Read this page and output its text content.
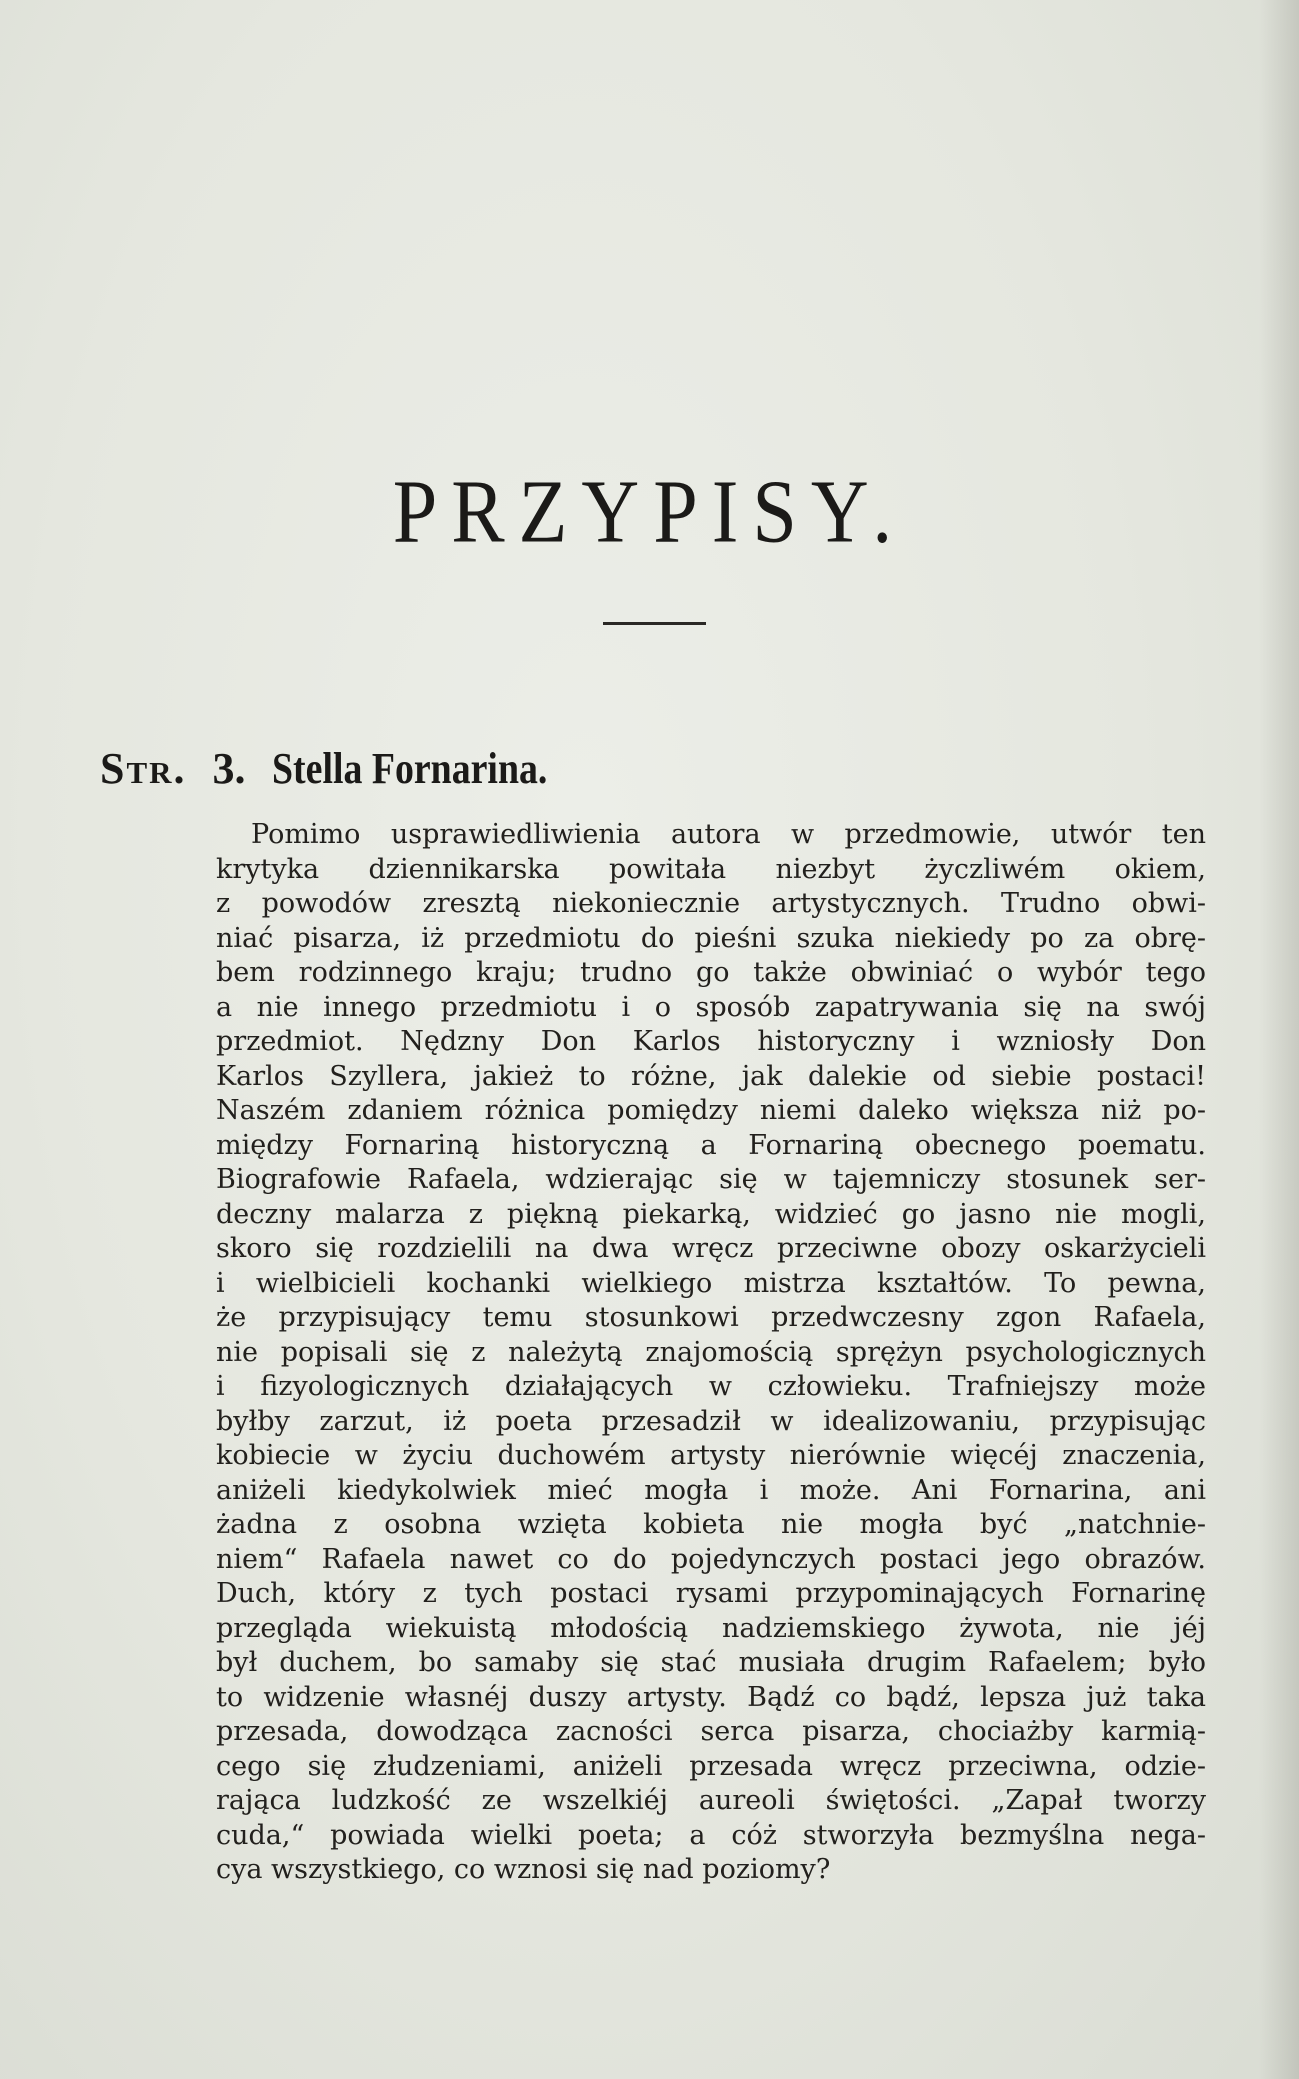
PRZYPISY.
Str. 3. Stella Fornarina.
Pomimo usprawiedliwienia autora w przedmowie, utwór ten
krytyka dziennikarska powitała niezbyt życzliwém okiem,
z powodów zresztą niekoniecznie artystycznych. Trudno obwi-
niać pisarza, iż przedmiotu do pieśni szuka niekiedy po za obrę-
bem rodzinnego kraju; trudno go także obwiniać o wybór tego
a nie innego przedmiotu i o sposób zapatrywania się na swój
przedmiot. Nędzny Don Karlos historyczny i wzniosły Don
Karlos Szyllera, jakież to różne, jak dalekie od siebie postaci!
Naszém zdaniem różnica pomiędzy niemi daleko większa niż po-
między Fornariną historyczną a Fornariną obecnego poematu.
Biografowie Rafaela, wdzierając się w tajemniczy stosunek ser-
deczny malarza z piękną piekarką, widzieć go jasno nie mogli,
skoro się rozdzielili na dwa wręcz przeciwne obozy oskarżycieli
i wielbicieli kochanki wielkiego mistrza kształtów. To pewna,
że przypisujący temu stosunkowi przedwczesny zgon Rafaela,
nie popisali się z należytą znajomością sprężyn psychologicznych
i fizyologicznych działających w człowieku. Trafniejszy może
byłby zarzut, iż poeta przesadził w idealizowaniu, przypisując
kobiecie w życiu duchowém artysty nierównie więcéj znaczenia,
aniżeli kiedykolwiek mieć mogła i może. Ani Fornarina, ani
żadna z osobna wzięta kobieta nie mogła być „natchnie-
niem“ Rafaela nawet co do pojedynczych postaci jego obrazów.
Duch, który z tych postaci rysami przypominających Fornarinę
przegląda wiekuistą młodością nadziemskiego żywota, nie jéj
był duchem, bo samaby się stać musiała drugim Rafaelem; było
to widzenie własnéj duszy artysty. Bądź co bądź, lepsza już taka
przesada, dowodząca zacności serca pisarza, chociażby karmią-
cego się złudzeniami, aniżeli przesada wręcz przeciwna, odzie-
rająca ludzkość ze wszelkiéj aureoli świętości. „Zapał tworzy
cuda,“ powiada wielki poeta; a cóż stworzyła bezmyślna nega-
cya wszystkiego, co wznosi się nad poziomy?
